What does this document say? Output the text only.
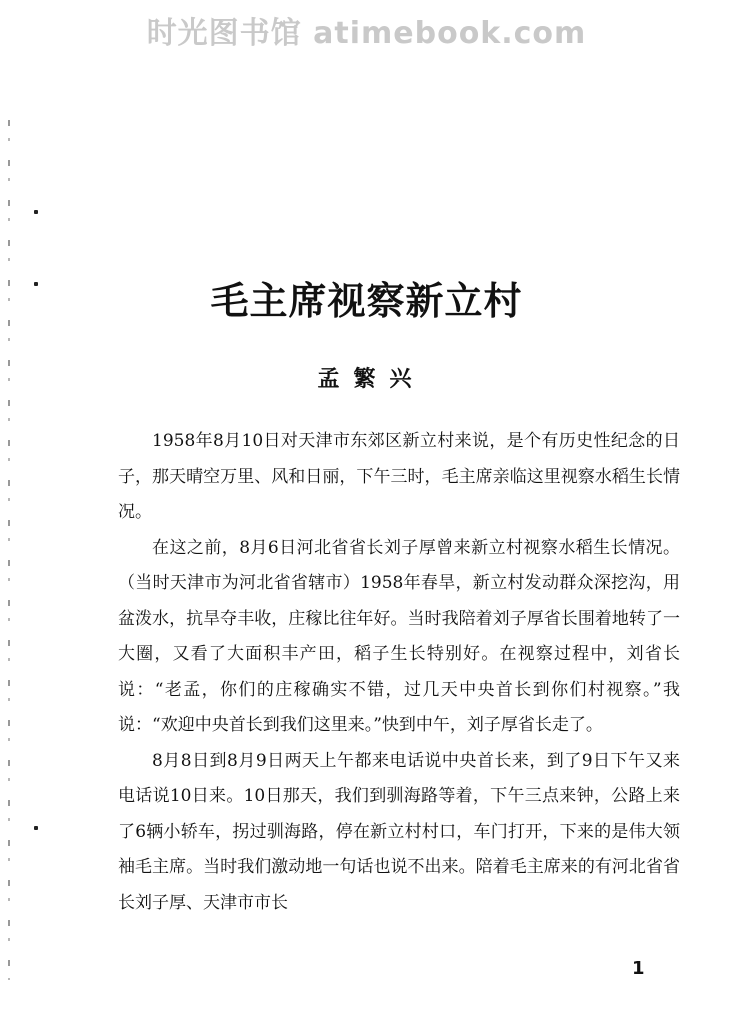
时光图书馆 atimebook.com
毛主席视察新立村
孟繁兴

1958年8月10日对天津市东郊区新立村来说，是个有历史性纪念的日子，那天晴空万里、风和日丽，下午三时，毛主席亲临这里视察水稻生长情况。

在这之前，8月6日河北省省长刘子厚曾来新立村视察水稻生长情况。（当时天津市为河北省省辖市）1958年春旱，新立村发动群众深挖沟，用盆泼水，抗旱夺丰收，庄稼比往年好。当时我陪着刘子厚省长围着地转了一大圈，又看了大面积丰产田，稻子生长特别好。在视察过程中，刘省长说：“老孟，你们的庄稼确实不错，过几天中央首长到你们村视察。”我说：“欢迎中央首长到我们这里来。”快到中午，刘子厚省长走了。

8月8日到8月9日两天上午都来电话说中央首长来，到了9日下午又来电话说10日来。10日那天，我们到驯海路等着，下午三点来钟，公路上来了6辆小轿车，拐过驯海路，停在新立村村口，车门打开，下来的是伟大领袖毛主席。当时我们激动地一句话也说不出来。陪着毛主席来的有河北省省长刘子厚、天津市市长

1
